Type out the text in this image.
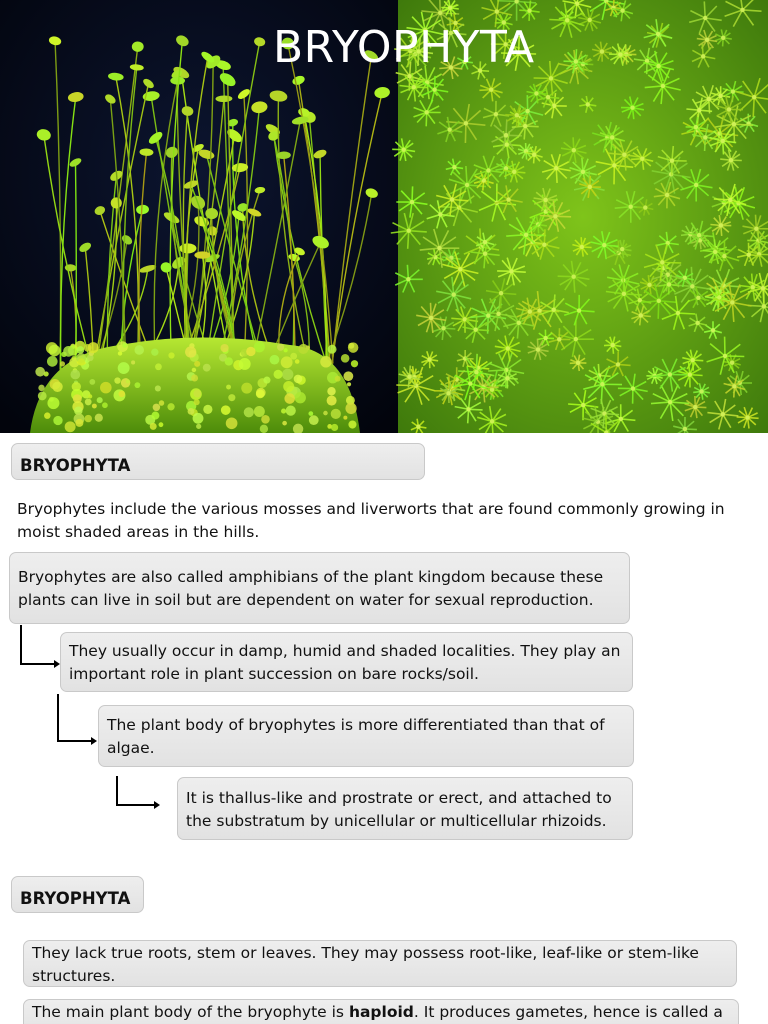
BRYOPHYTA
BRYOPHYTA

Bryophytes include the various mosses and liverworts that are found commonly growing in moist shaded areas in the hills.

Bryophytes are also called amphibians of the plant kingdom because these plants can live in soil but are dependent on water for sexual reproduction.
They usually occur in damp, humid and shaded localities. They play an important role in plant succession on bare rocks/soil.
The plant body of bryophytes is more differentiated than that of algae.
It is thallus-like and prostrate or erect, and attached to the substratum by unicellular or multicellular rhizoids.
BRYOPHYTA
They lack true roots, stem or leaves. They may possess root-like, leaf-like or stem-like structures.
The main plant body of the bryophyte is haploid. It produces gametes, hence is called a
